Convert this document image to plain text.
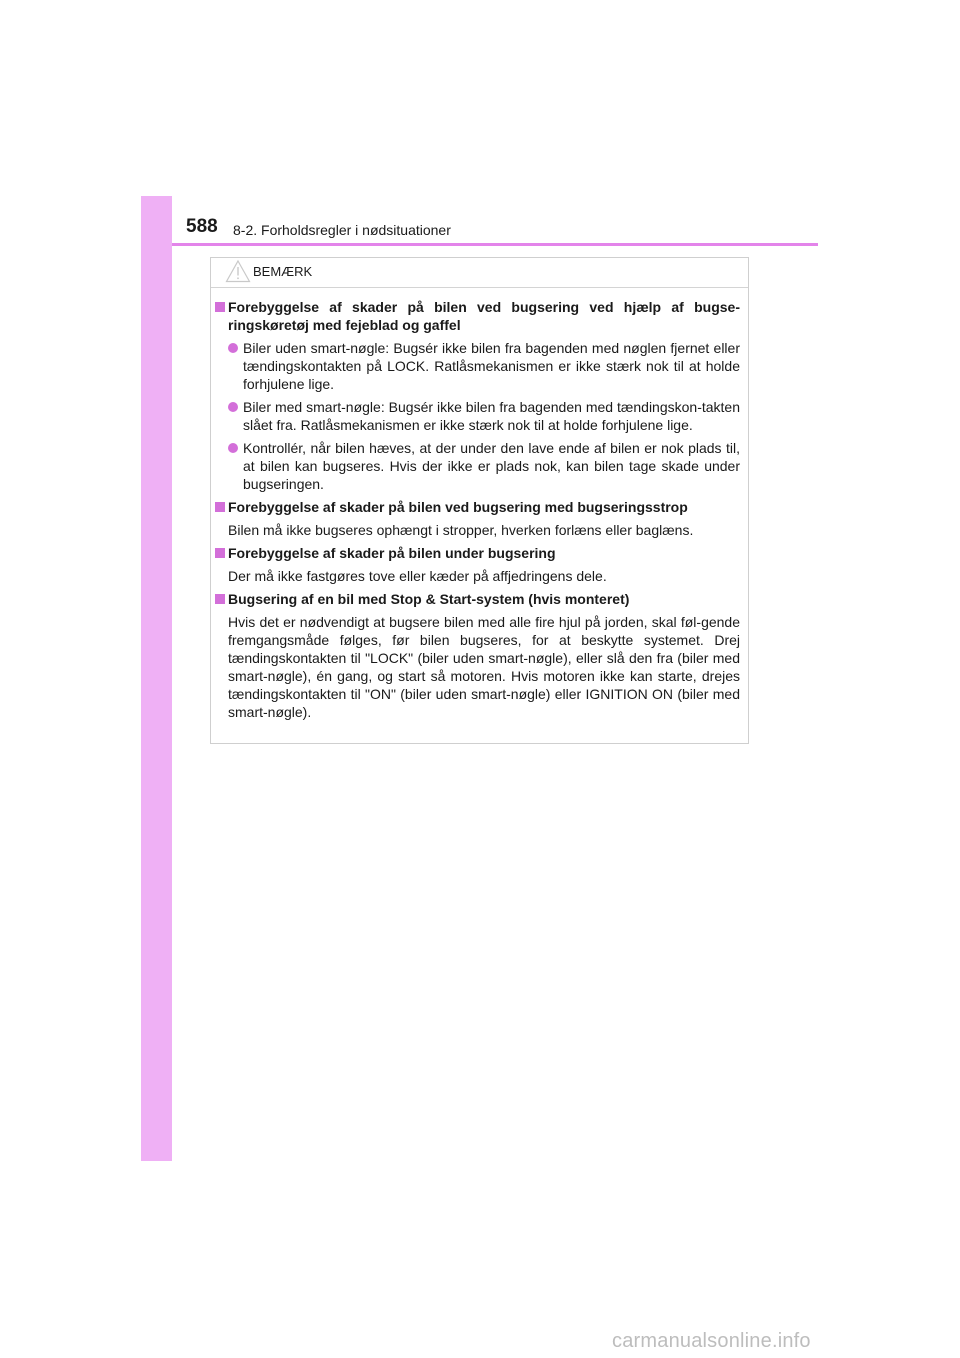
588 8-2. Forholdsregler i nødsituationer
BEMÆRK
Forebyggelse af skader på bilen ved bugsering ved hjælp af bugse-ringskøretøj med fejeblad og gaffel
Biler uden smart-nøgle: Bugsér ikke bilen fra bagenden med nøglen fjernet eller tændingskontakten på LOCK. Ratlåsmekanismen er ikke stærk nok til at holde forhjulene lige.
Biler med smart-nøgle: Bugsér ikke bilen fra bagenden med tændingskon-takten slået fra. Ratlåsmekanismen er ikke stærk nok til at holde forhjulene lige.
Kontrollér, når bilen hæves, at der under den lave ende af bilen er nok plads til, at bilen kan bugseres. Hvis der ikke er plads nok, kan bilen tage skade under bugseringen.
Forebyggelse af skader på bilen ved bugsering med bugseringsstrop
Bilen må ikke bugseres ophængt i stropper, hverken forlæns eller baglæns.
Forebyggelse af skader på bilen under bugsering
Der må ikke fastgøres tove eller kæder på affjedringens dele.
Bugsering af en bil med Stop & Start-system (hvis monteret)
Hvis det er nødvendigt at bugsere bilen med alle fire hjul på jorden, skal føl-gende fremgangsmåde følges, før bilen bugseres, for at beskytte systemet. Drej tændingskontakten til "LOCK" (biler uden smart-nøgle), eller slå den fra (biler med smart-nøgle), én gang, og start så motoren. Hvis motoren ikke kan starte, drejes tændingskontakten til "ON" (biler uden smart-nøgle) eller IGNITION ON (biler med smart-nøgle).
carmanualsonline.info
